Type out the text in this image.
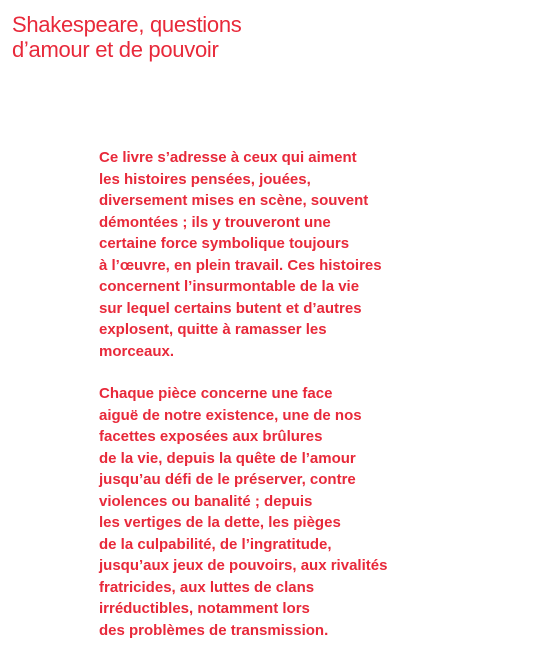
Shakespeare, questions
d’amour et de pouvoir

Ce livre s’adresse à ceux qui aiment
les histoires pensées, jouées,
diversement mises en scène, souvent
démontées ; ils y trouveront une
certaine force symbolique toujours
à l’œuvre, en plein travail. Ces histoires
concernent l’insurmontable de la vie
sur lequel certains butent et d’autres
explosent, quitte à ramasser les
morceaux.

Chaque pièce concerne une face
aiguë de notre existence, une de nos
facettes exposées aux brûlures
de la vie, depuis la quête de l’amour
jusqu’au défi de le préserver, contre
violences ou banalité ; depuis
les vertiges de la dette, les pièges
de la culpabilité, de l’ingratitude,
jusqu’aux jeux de pouvoirs, aux rivalités
fratricides, aux luttes de clans
irréductibles, notamment lors
des problèmes de transmission.
